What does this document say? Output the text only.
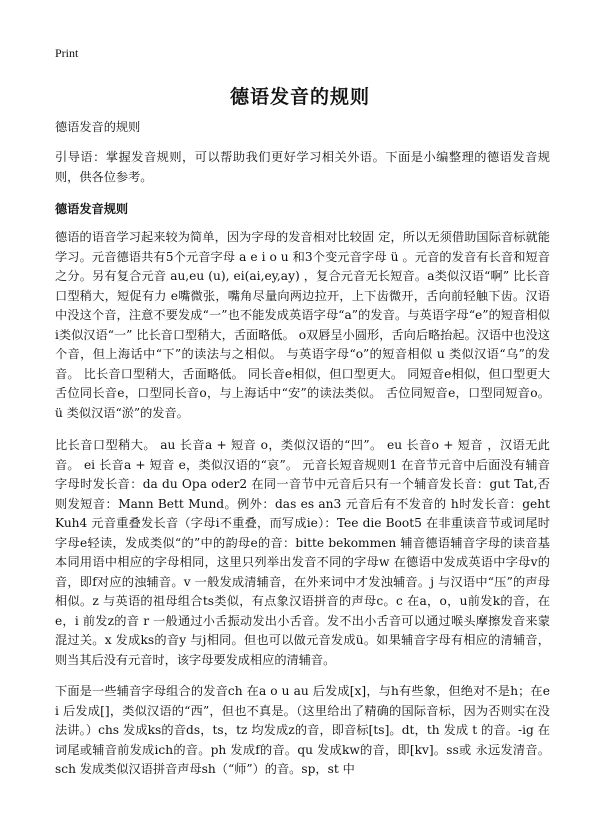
Print
德语发音的规则
德语发音的规则
引导语：掌握发音规则，可以帮助我们更好学习相关外语。下面是小编整理的德语发音规则，供各位参考。
德语发音规则
德语的语音学习起来较为简单，因为字母的发音相对比较固 定，所以无须借助国际音标就能学习。元音德语共有5个元音字母 a e i o u 和3个变元音字母 ü 。元音的发音有长音和短音之分。另有复合元音 au,eu (u), ei(ai,ey,ay) ，复合元音无长短音。a类似汉语“啊” 比长音口型稍大，短促有力 e嘴微张，嘴角尽量向两边拉开，上下齿微开，舌向前轻触下齿。汉语中没这个音，注意不要发成“一”也不能发成英语字母“a”的发音。与英语字母“e”的短音相似 i类似汉语“一” 比长音口型稍大，舌面略低。 o双唇呈小圆形，舌向后略抬起。汉语中也没这个音，但上海话中“下”的读法与之相似。 与英语字母“o”的短音相似 u 类似汉语“乌”的发音。 比长音口型稍大，舌面略低。 同长音e相似，但口型更大。 同短音e相似，但口型更大 舌位同长音e，口型同长音o，与上海话中“安”的读法类似。 舌位同短音e，口型同短音o。 ü 类似汉语“淤”的发音。
比长音口型稍大。 au 长音a + 短音 o，类似汉语的“凹”。 eu 长音o + 短音 ，汉语无此音。 ei 长音a + 短音 e，类似汉语的“哀”。 元音长短音规则1 在音节元音中后面没有辅音字母时发长音：da du Opa oder2 在同一音节中元音后只有一个辅音发长音：gut Tat,否则发短音：Mann Bett Mund。例外：das es an3 元音后有不发音的 h时发长音：geht Kuh4 元音重叠发长音（字母i不重叠，而写成ie）：Tee die Boot5 在非重读音节或词尾时字母e轻读，发成类似“的”中的韵母e的音：bitte bekommen 辅音德语辅音字母的读音基本同用语中相应的字母相同，这里只列举出发音不同的字母w 在德语中发成英语中字母v的音，即f对应的浊辅音。v 一般发成清辅音，在外来词中才发浊辅音。j 与汉语中“压”的声母相似。z 与英语的祖母组合ts类似，有点象汉语拼音的声母c。c 在a，o，u前发k的音，在e，i 前发z的音 r 一般通过小舌振动发出小舌音。发不出小舌音可以通过喉头摩擦发音来蒙混过关。x 发成ks的音y 与j相同。但也可以做元音发成ü。如果辅音字母有相应的清辅音，则当其后没有元音时，该字母要发成相应的清辅音。
下面是一些辅音字母组合的发音ch 在a o u au 后发成[x]，与h有些象，但绝对不是h；在e i 后发成[]，类似汉语的“西”，但也不真是。（这里给出了精确的国际音标，因为否则实在没法讲。）chs 发成ks的音ds，ts，tz 均发成z的音，即音标[ts]。dt，th 发成 t 的音。-ig 在词尾或辅音前发成ich的音。ph 发成f的音。qu 发成kw的音，即[kv]。ss或 永远发清音。sch 发成类似汉语拼音声母sh（“师”）的音。sp，st 中
